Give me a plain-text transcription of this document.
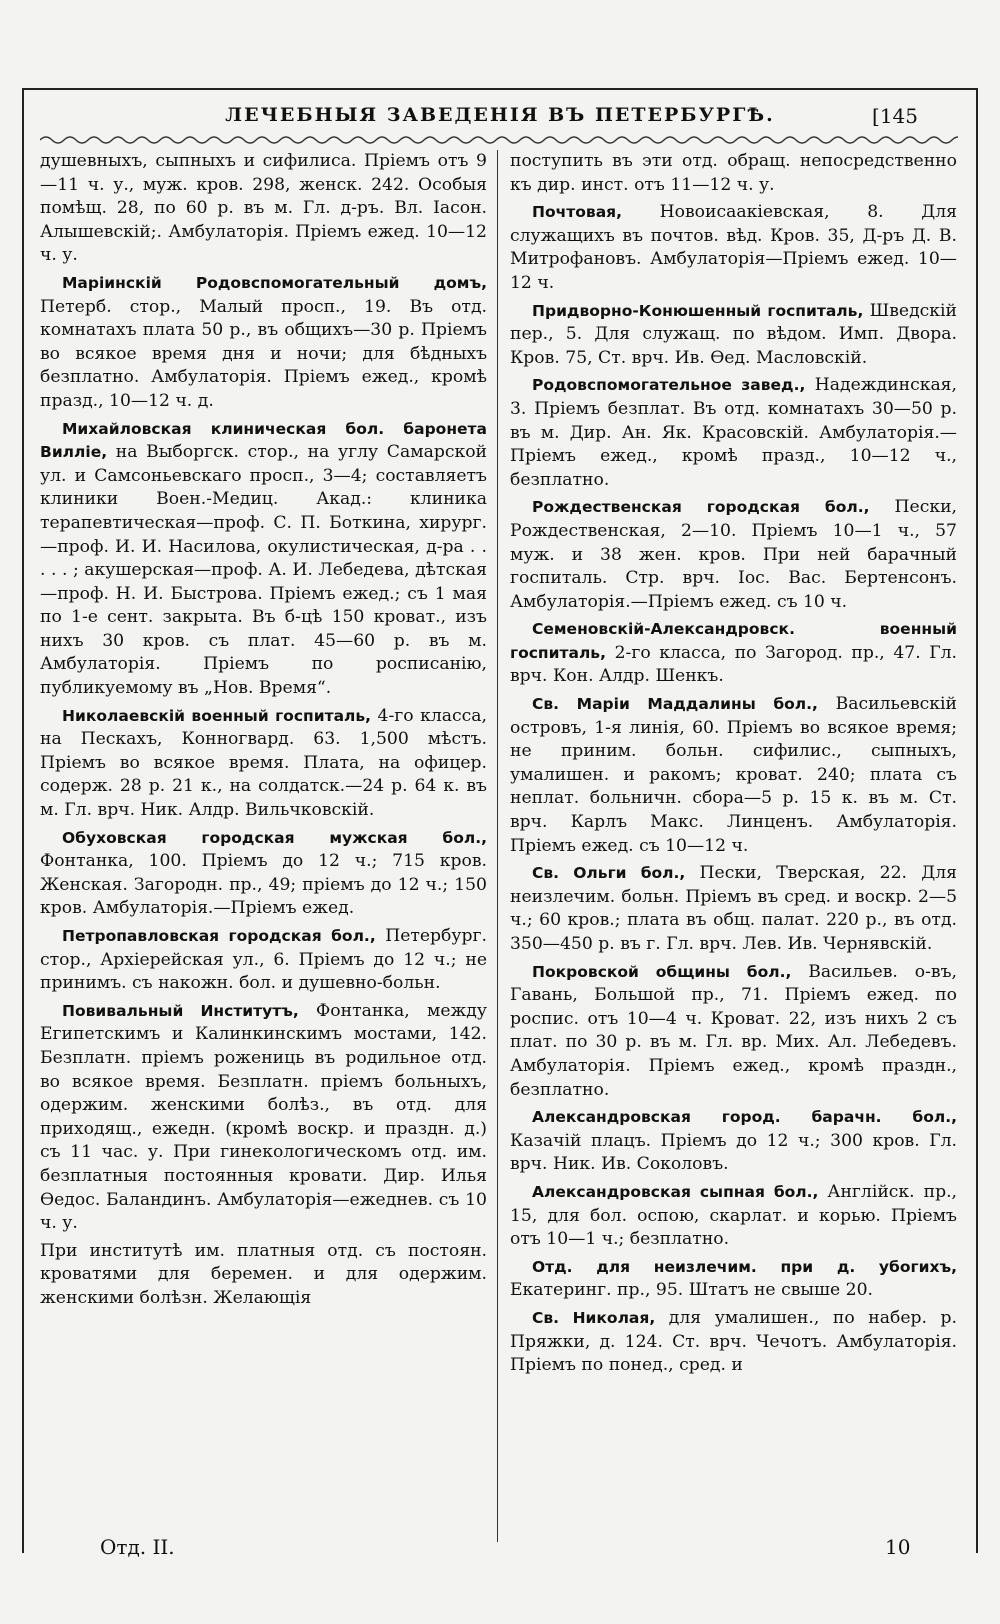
ЛЕЧЕБНЫЯ ЗАВЕДЕНІЯ ВЪ ПЕТЕРБУРГѢ.	[145

душевныхъ, сыпныхъ и сифилиса. Пріемъ отъ 9—11 ч. у., муж. кров. 298, женск. 242. Особыя помѣщ. 28, по 60 р. въ м. Гл. д-ръ. Вл. Іасон. Алышевскій;. Амбулаторія. Пріемъ ежед. 10—12 ч. у.

Маріинскій Родовспомогательный домъ, Петерб. стор., Малый просп., 19. Въ отд. комнатахъ плата 50 р., въ общихъ—30 р. Пріемъ во всякое время дня и ночи; для бѣдныхъ безплатно. Амбулаторія. Пріемъ ежед., кромѣ празд., 10—12 ч. д.

Михайловская клиническая бол. баронета Вилліе, на Выборгск. стор., на углу Самарской ул. и Самсоньевскаго просп., 3—4; составляетъ клиники Воен.-Медиц. Акад.: клиника терапевтическая—проф. С. П. Боткина, хирург.—проф. И. И. Насилова, окулистическая, д-ра . . . . . ; акушерская—проф. А. И. Лебедева, дѣтская—проф. Н. И. Быстрова. Пріемъ ежед.; съ 1 мая по 1-е сент. закрыта. Въ б-цѣ 150 кроват., изъ нихъ 30 кров. съ плат. 45—60 р. въ м. Амбулаторія. Пріемъ по росписанію, публикуемому въ „Нов. Время“.

Николаевскій военный госпиталь, 4-го класса, на Пескахъ, Конногвард. 63. 1,500 мѣстъ. Пріемъ во всякое время. Плата, на офицер. содерж. 28 р. 21 к., на солдатск.—24 р. 64 к. въ м. Гл. врч. Ник. Алдр. Вильчковскій.

Обуховская городская мужская бол., Фонтанка, 100. Пріемъ до 12 ч.; 715 кров. Женская. Загородн. пр., 49; пріемъ до 12 ч.; 150 кров. Амбулаторія.—Пріемъ ежед.

Петропавловская городская бол., Петербург. стор., Архіерейская ул., 6. Пріемъ до 12 ч.; не принимъ. съ нaкожн. бол. и душевно-больн.

Повивальный Институтъ, Фонтанка, между Египетскимъ и Калинкинскимъ мостами, 142. Безплатн. пріемъ рожениць въ родильное отд. во всякое время. Безплатн. пріемъ больныхъ, одержим. женскими болѣз., въ отд. для приходящ., ежедн. (кромѣ воскр. и праздн. д.) съ 11 час. у. При гинекологическомъ отд. им. безплатныя постоянныя кровати. Дир. Илья Ѳедос. Баландинъ. Амбулаторія—ежеднев. съ 10 ч. у.

При институтѣ им. платныя отд. съ постоян. кроватями для беремен. и для одержим. женскими болѣзн. Желающія

поступить въ эти отд. обращ. непосредственно къ дир. инст. отъ 11—12 ч. у.

Почтовая, Новоисаакіевская, 8. Для служащихъ въ почтов. вѣд. Кров. 35, Д-ръ Д. В. Митрофановъ. Амбулаторія—Пріемъ ежед. 10—12 ч.

Придворно-Конюшенный госпиталь, Шведскій пер., 5. Для служащ. по вѣдом. Имп. Двора. Кров. 75, Ст. врч. Ив. Ѳед. Масловскій.

Родовспомогательное завед., Надеждинская, 3. Пріемъ безплат. Въ отд. комнатахъ 30—50 р. въ м. Дир. Ан. Як. Красовскій. Амбулаторія.—Пріемъ ежед., кромѣ празд., 10—12 ч., безплатно.

Рождественская городская бол., Пески, Рождественская, 2—10. Пріемъ 10—1 ч., 57 муж. и 38 жен. кров. При ней барачный госпиталь. Стр. врч. Іос. Вас. Бертенсонъ. Амбулаторія.—Пріемъ ежед. съ 10 ч.

Семеновскій-Александровск. военный госпиталь, 2-го класса, по Загород. пр., 47. Гл. врч. Кон. Алдр. Шенкъ.

Св. Маріи Маддалины бол., Васильевскій островъ, 1-я линія, 60. Пріемъ во всякое время; не приним. больн. сифилис., сыпныхъ, умалишен. и ракомъ; кроват. 240; плата съ неплат. больничн. сбора—5 р. 15 к. въ м. Ст. врч. Карлъ Макс. Линценъ. Амбулаторія. Пріемъ ежед. съ 10—12 ч.

Св. Ольги бол., Пески, Тверская, 22. Для неизлечим. больн. Пріемъ въ сред. и воскр. 2—5 ч.; 60 кров.; плата въ общ. палат. 220 р., въ отд. 350—450 р. въ г. Гл. врч. Лев. Ив. Чернявскій.

Покровской общины бол., Васильев. о-въ, Гавань, Большой пр., 71. Пріемъ ежед. по роспис. отъ 10—4 ч. Кроват. 22, изъ нихъ 2 съ плат. по 30 р. въ м. Гл. вр. Мих. Ал. Лебедевъ. Амбулаторія. Пріемъ ежед., кромѣ праздн., безплатно.

Александровская город. барачн. бол., Казачій плацъ. Пріемъ до 12 ч.; 300 кров. Гл. врч. Ник. Ив. Соколовъ.

Александровская сыпная бол., Англійск. пр., 15, для бол. оспою, скарлат. и корью. Пріемъ отъ 10—1 ч.; безплатно.

Отд. для неизлечим. при д. убогихъ, Екатеринг. пр., 95. Штатъ не свыше 20.

Св. Николая, для умалишен., по набер. р. Пряжки, д. 124. Ст. врч. Чечотъ. Амбулаторія. Пріемъ по понед., сред. и

Отд. II.	10
